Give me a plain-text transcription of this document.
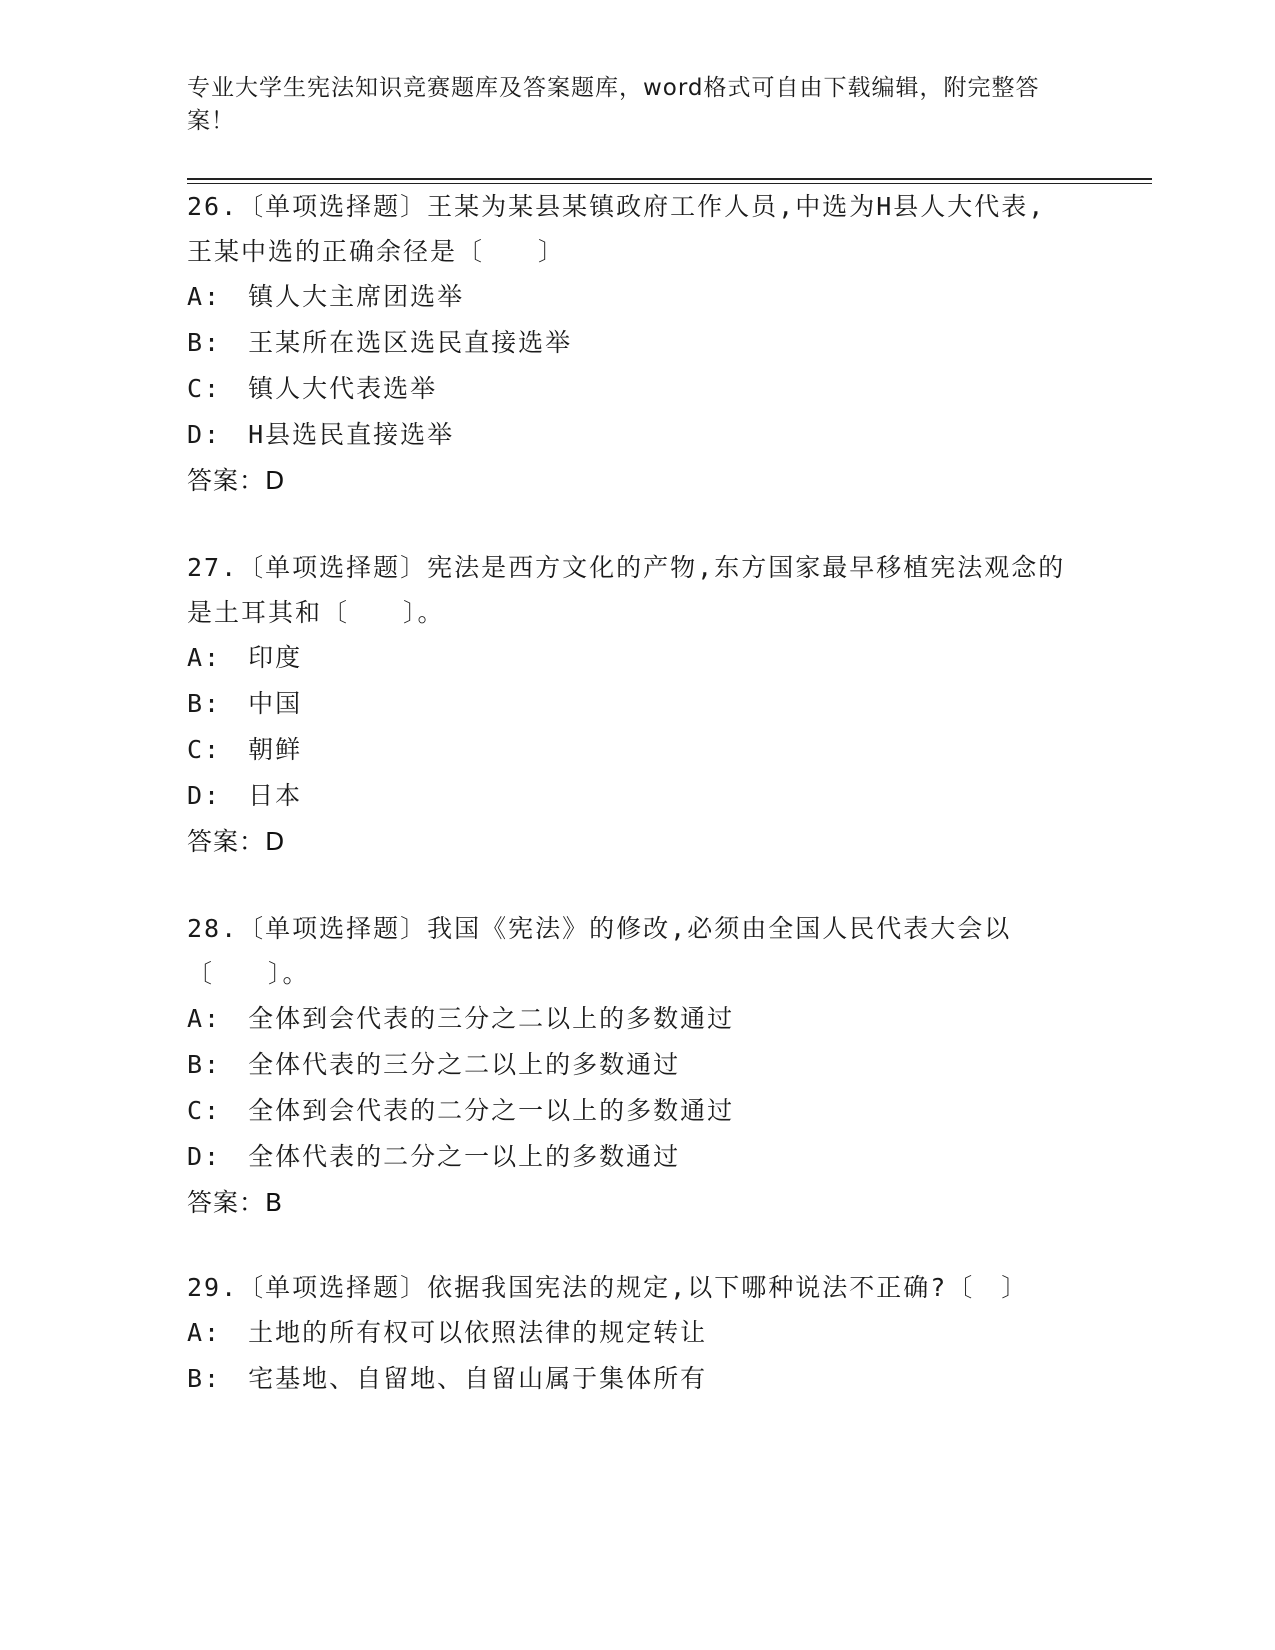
专业大学生宪法知识竞赛题库及答案题库，word格式可自由下载编辑，附完整答案！
26.〔单项选择题〕王某为某县某镇政府工作人员,中选为H县人大代表,王某中选的正确余径是〔　　〕
A:　镇人大主席团选举
B:　王某所在选区选民直接选举
C:　镇人大代表选举
D:　H县选民直接选举
答案：D
27.〔单项选择题〕宪法是西方文化的产物,东方国家最早移植宪法观念的是土耳其和〔　　〕。
A:　印度
B:　中国
C:　朝鲜
D:　日本
答案：D
28.〔单项选择题〕我国《宪法》的修改,必须由全国人民代表大会以〔　　〕。
A:　全体到会代表的三分之二以上的多数通过
B:　全体代表的三分之二以上的多数通过
C:　全体到会代表的二分之一以上的多数通过
D:　全体代表的二分之一以上的多数通过
答案：B
29.〔单项选择题〕依据我国宪法的规定,以下哪种说法不正确?〔　〕
A:　土地的所有权可以依照法律的规定转让
B:　宅基地、自留地、自留山属于集体所有
